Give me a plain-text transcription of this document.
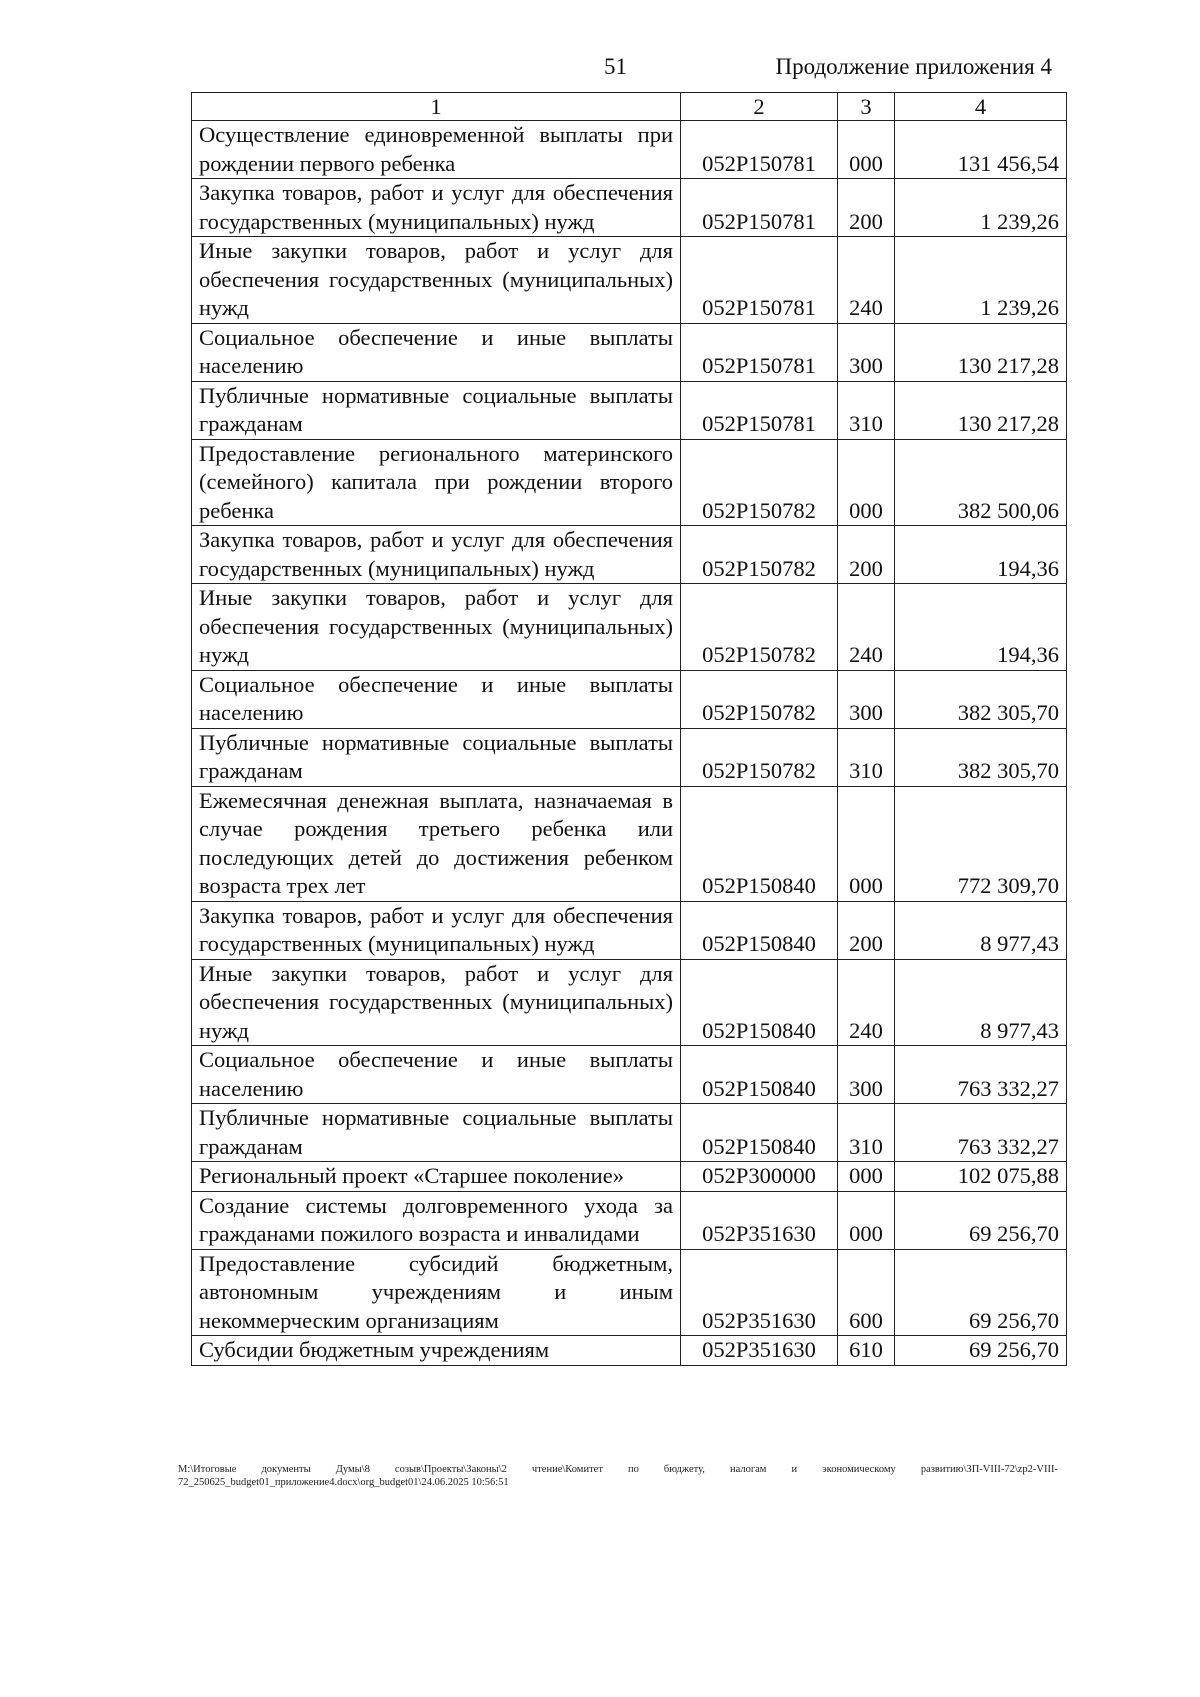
51	Продолжение приложения 4
1	2	3	4
Осуществление единовременной выплаты при рождении первого ребенка	052Р150781	000	131 456,54
Закупка товаров, работ и услуг для обеспечения государственных (муниципальных) нужд	052Р150781	200	1 239,26
Иные закупки товаров, работ и услуг для обеспечения государственных (муниципальных) нужд	052Р150781	240	1 239,26
Социальное обеспечение и иные выплаты населению	052Р150781	300	130 217,28
Публичные нормативные социальные выплаты гражданам	052Р150781	310	130 217,28
Предоставление регионального материнского (семейного) капитала при рождении второго ребенка	052Р150782	000	382 500,06
Закупка товаров, работ и услуг для обеспечения государственных (муниципальных) нужд	052Р150782	200	194,36
Иные закупки товаров, работ и услуг для обеспечения государственных (муниципальных) нужд	052Р150782	240	194,36
Социальное обеспечение и иные выплаты населению	052Р150782	300	382 305,70
Публичные нормативные социальные выплаты гражданам	052Р150782	310	382 305,70
Ежемесячная денежная выплата, назначаемая в случае рождения третьего ребенка или последующих детей до достижения ребенком возраста трех лет	052Р150840	000	772 309,70
Закупка товаров, работ и услуг для обеспечения государственных (муниципальных) нужд	052Р150840	200	8 977,43
Иные закупки товаров, работ и услуг для обеспечения государственных (муниципальных) нужд	052Р150840	240	8 977,43
Социальное обеспечение и иные выплаты населению	052Р150840	300	763 332,27
Публичные нормативные социальные выплаты гражданам	052Р150840	310	763 332,27
Региональный проект «Старшее поколение»	052Р300000	000	102 075,88
Создание системы долговременного ухода за гражданами пожилого возраста и инвалидами	052Р351630	000	69 256,70
Предоставление субсидий бюджетным, автономным учреждениям и иным некоммерческим организациям	052Р351630	600	69 256,70
Субсидии бюджетным учреждениям	052Р351630	610	69 256,70
M:\Итоговые документы Думы\8 созыв\Проекты\Законы\2 чтение\Комитет по бюджету, налогам и экономическому развитию\ЗП-VIII-72\zp2-VIII-72_250625_budget01_приложение4.docx\org_budget01\24.06.2025 10:56:51
